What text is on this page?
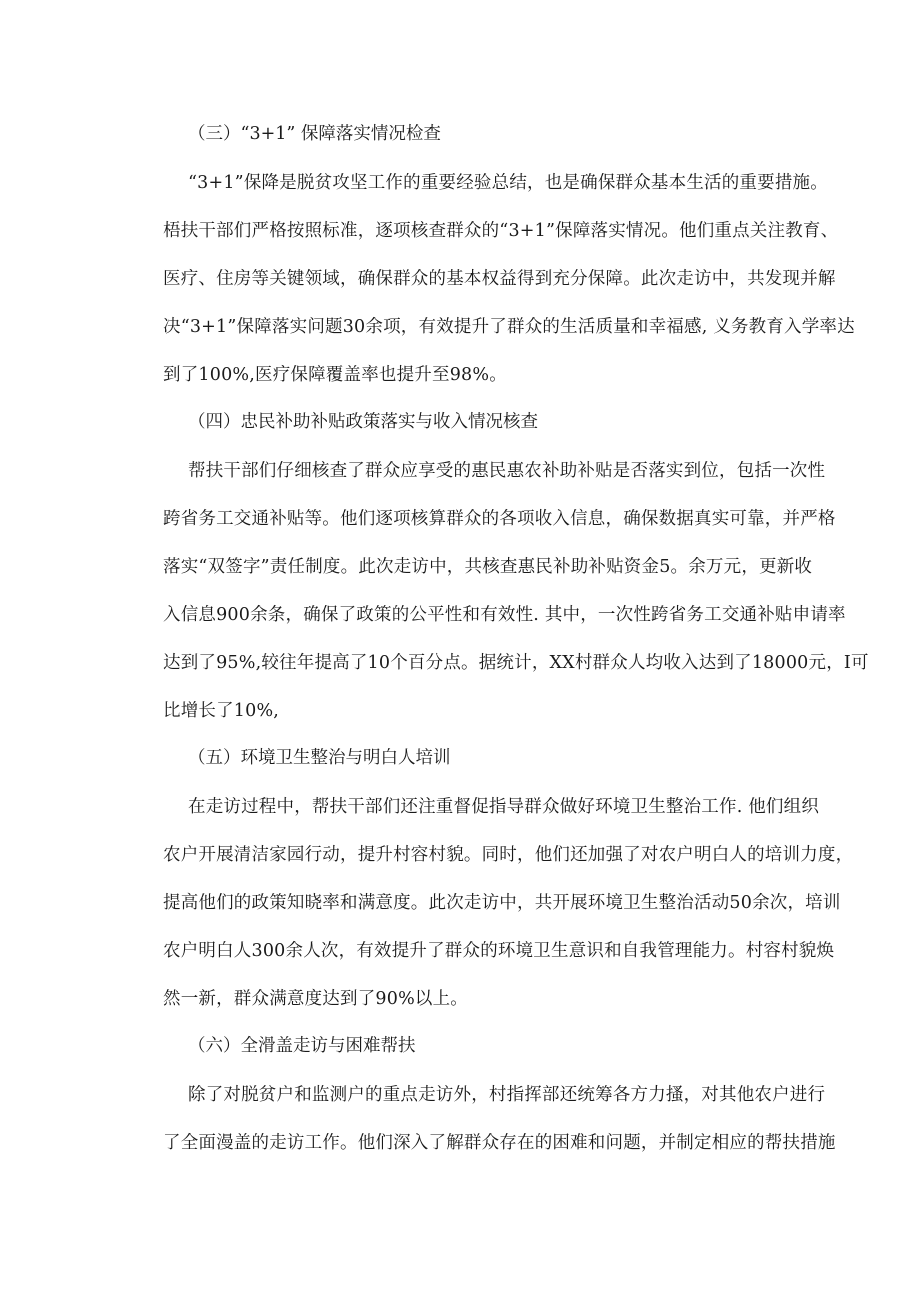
（三）“3+1” 保障落实情况检查
“3+1”保降是脱贫攻坚工作的重要经验总结，也是确保群众基本生活的重要措施。
梧扶干部们严格按照标准，逐项核查群众的“3+1”保障落实情况。他们重点关注教育、
医疗、住房等关键领域，确保群众的基本权益得到充分保障。此次走访中，共发现并解
决“3+1”保障落实问题30余项，有效提升了群众的生活质量和幸福感, 义务教育入学率达
到了100%,医疗保障覆盖率也提升至98%。
（四）忠民补助补贴政策落实与收入情况核查
帮扶干部们仔细核查了群众应享受的惠民惠农补助补贴是否落实到位，包括一次性
跨省务工交通补贴等。他们逐项核算群众的各项收入信息，确保数据真实可靠，并严格
落实“双签字”责任制度。此次走访中，共核查惠民补助补贴资金5。余万元，更新收
入信息900余条，确保了政策的公平性和有效性. 其中，一次性跨省务工交通补贴申请率
达到了95%,较往年提高了10个百分点。据统计，XX村群众人均收入达到了18000元，I可
比增长了10%,
（五）环境卫生整治与明白人培训
在走访过程中，帮扶干部们还注重督促指导群众做好环境卫生整治工作. 他们组织
农户开展清洁家园行动，提升村容村貌。同时，他们还加强了对农户明白人的培训力度，
提高他们的政策知晓率和满意度。此次走访中，共开展环境卫生整治活动50余次，培训
农户明白人300余人次，有效提升了群众的环境卫生意识和自我管理能力。村容村貌焕
然一新，群众满意度达到了90%以上。
（六）全滑盖走访与困难帮扶
除了对脱贫户和监测户的重点走访外，村指挥部还统筹各方力搔，对其他农户进行
了全面漫盖的走访工作。他们深入了解群众存在的困难和问题，并制定相应的帮扶措施
